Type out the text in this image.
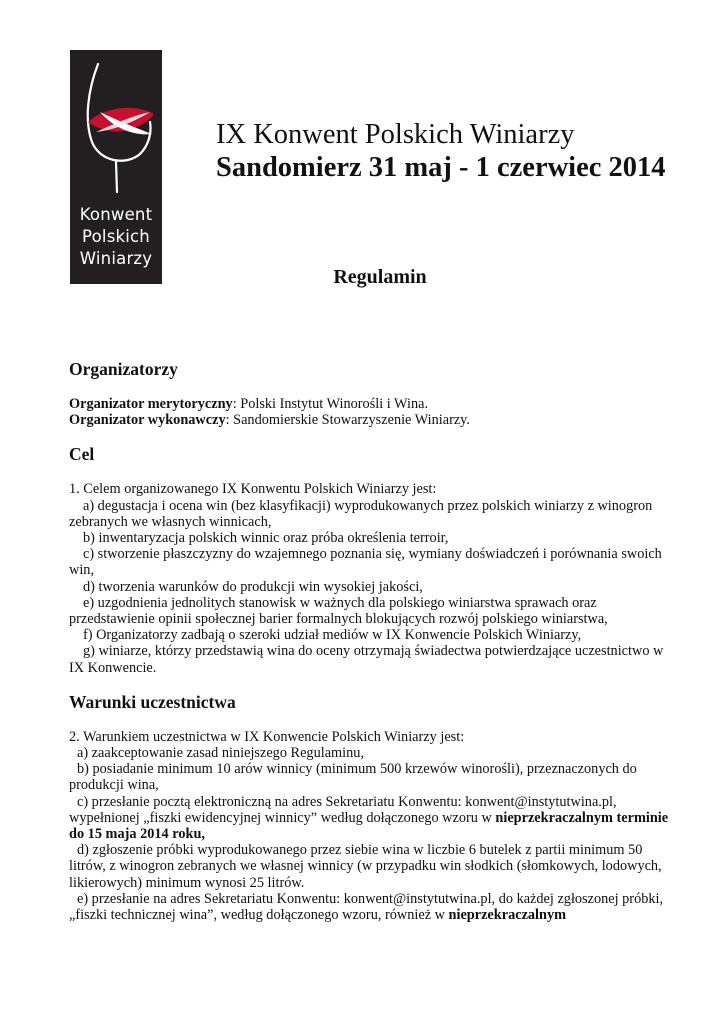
Konwent
Polskich
Winiarzy
IX Konwent Polskich Winiarzy
Sandomierz 31 maj - 1 czerwiec 2014
Regulamin
Organizatorzy

Organizator merytoryczny: Polski Instytut Winorośli i Wina.

Organizator wykonawczy: Sandomierskie Stowarzyszenie Winiarzy.

Cel

1. Celem organizowanego IX Konwentu Polskich Winiarzy jest:

a) degustacja i ocena win (bez klasyfikacji) wyprodukowanych przez polskich winiarzy z winogron zebranych we własnych winnicach,

b) inwentaryzacja polskich winnic oraz próba określenia terroir,

c) stworzenie płaszczyzny do wzajemnego poznania się, wymiany doświadczeń i porównania swoich win,

d) tworzenia warunków do produkcji win wysokiej jakości,

e) uzgodnienia jednolitych stanowisk w ważnych dla polskiego winiarstwa sprawach oraz przedstawienie opinii społecznej barier formalnych blokujących rozwój polskiego winiarstwa,

f) Organizatorzy zadbają o szeroki udział mediów w IX Konwencie Polskich Winiarzy,

g) winiarze, którzy przedstawią wina do oceny otrzymają świadectwa potwierdzające uczestnictwo w IX Konwencie.

Warunki uczestnictwa

2. Warunkiem uczestnictwa w IX Konwencie Polskich Winiarzy jest:

a) zaakceptowanie zasad niniejszego Regulaminu,

b) posiadanie minimum 10 arów winnicy (minimum 500 krzewów winorośli), przeznaczonych do produkcji wina,

c) przesłanie pocztą elektroniczną na adres Sekretariatu Konwentu: konwent@instytutwina.pl, wypełnionej „fiszki ewidencyjnej winnicy” według dołączonego wzoru w nieprzekraczalnym terminie do 15 maja 2014 roku,

d) zgłoszenie próbki wyprodukowanego przez siebie wina w liczbie 6 butelek z partii minimum 50 litrów, z winogron zebranych we własnej winnicy (w przypadku win słodkich (słomkowych, lodowych, likierowych) minimum wynosi 25 litrów.

e) przesłanie na adres Sekretariatu Konwentu: konwent@instytutwina.pl, do każdej zgłoszonej próbki, „fiszki technicznej wina”, według dołączonego wzoru, również w nieprzekraczalnym
